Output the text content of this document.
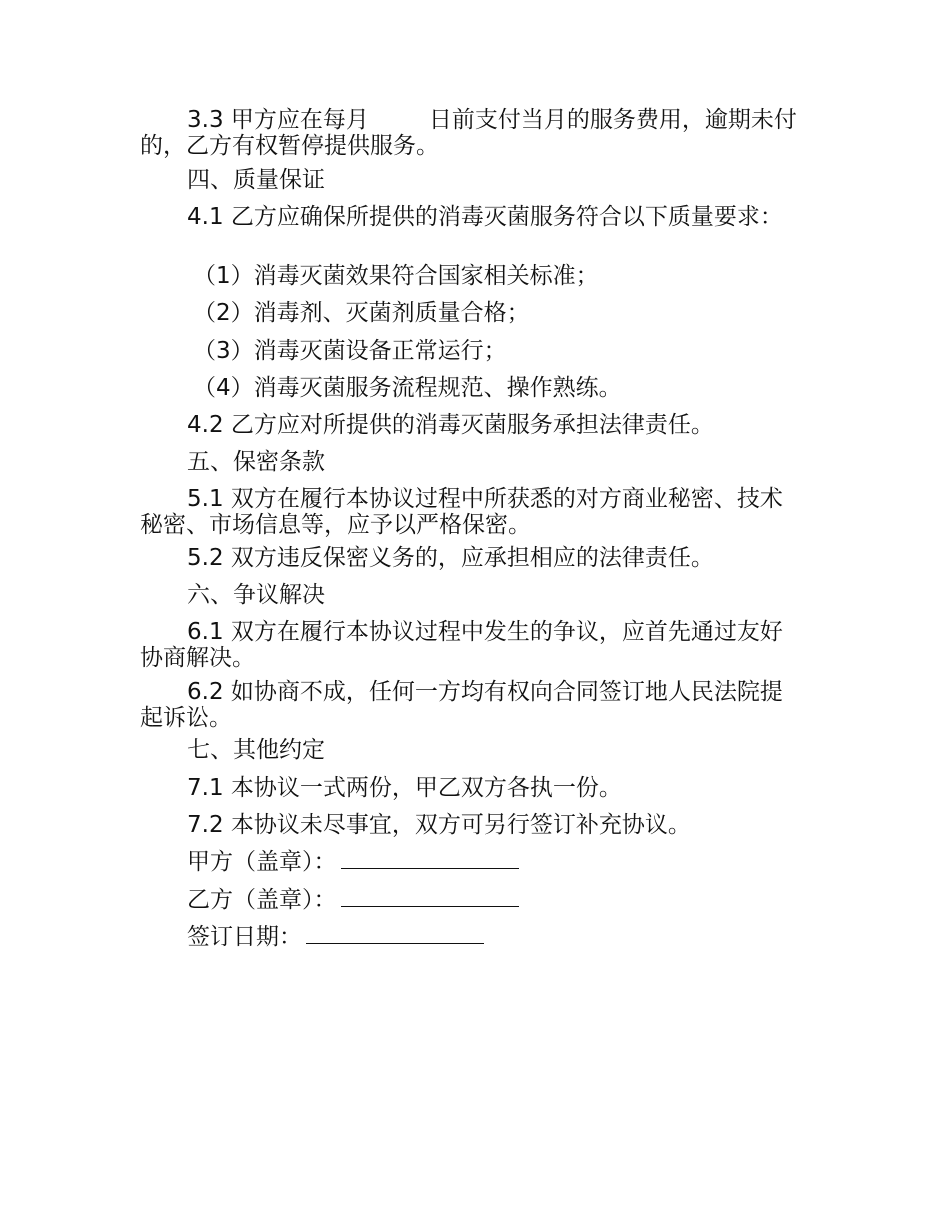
3.3 甲方应在每月	日前支付当月的服务费用，逾期未付的，乙方有权暂停提供服务。
四、质量保证
4.1 乙方应确保所提供的消毒灭菌服务符合以下质量要求：
（1）消毒灭菌效果符合国家相关标准；
（2）消毒剂、灭菌剂质量合格；
（3）消毒灭菌设备正常运行；
（4）消毒灭菌服务流程规范、操作熟练。
4.2 乙方应对所提供的消毒灭菌服务承担法律责任。
五、保密条款
5.1 双方在履行本协议过程中所获悉的对方商业秘密、技术秘密、市场信息等，应予以严格保密。
5.2 双方违反保密义务的，应承担相应的法律责任。
六、争议解决
6.1 双方在履行本协议过程中发生的争议，应首先通过友好协商解决。
6.2 如协商不成，任何一方均有权向合同签订地人民法院提起诉讼。
七、其他约定
7.1 本协议一式两份，甲乙双方各执一份。
7.2 本协议未尽事宜，双方可另行签订补充协议。
甲方（盖章）：
乙方（盖章）：
签订日期：
